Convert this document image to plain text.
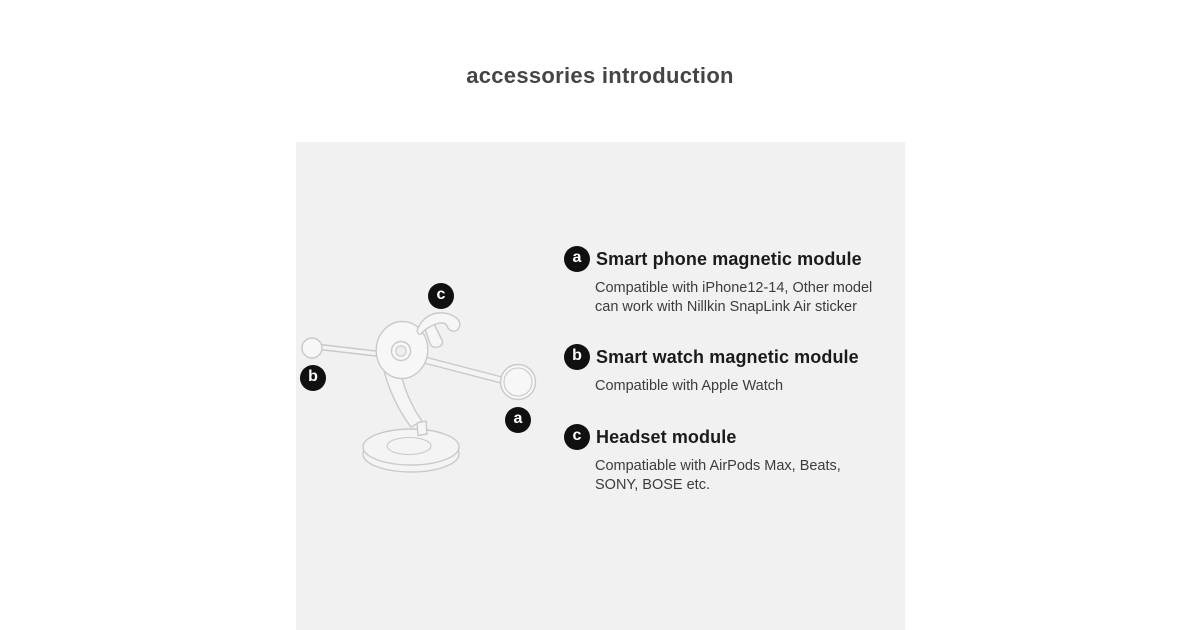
accessories introduction
c
b
a
a Smart phone magnetic module
Compatible with iPhone12-14, Other model
can work with Nillkin SnapLink Air sticker
b Smart watch magnetic module
Compatible with Apple Watch
c Headset module
Compatiable with AirPods Max, Beats,
SONY, BOSE etc.
